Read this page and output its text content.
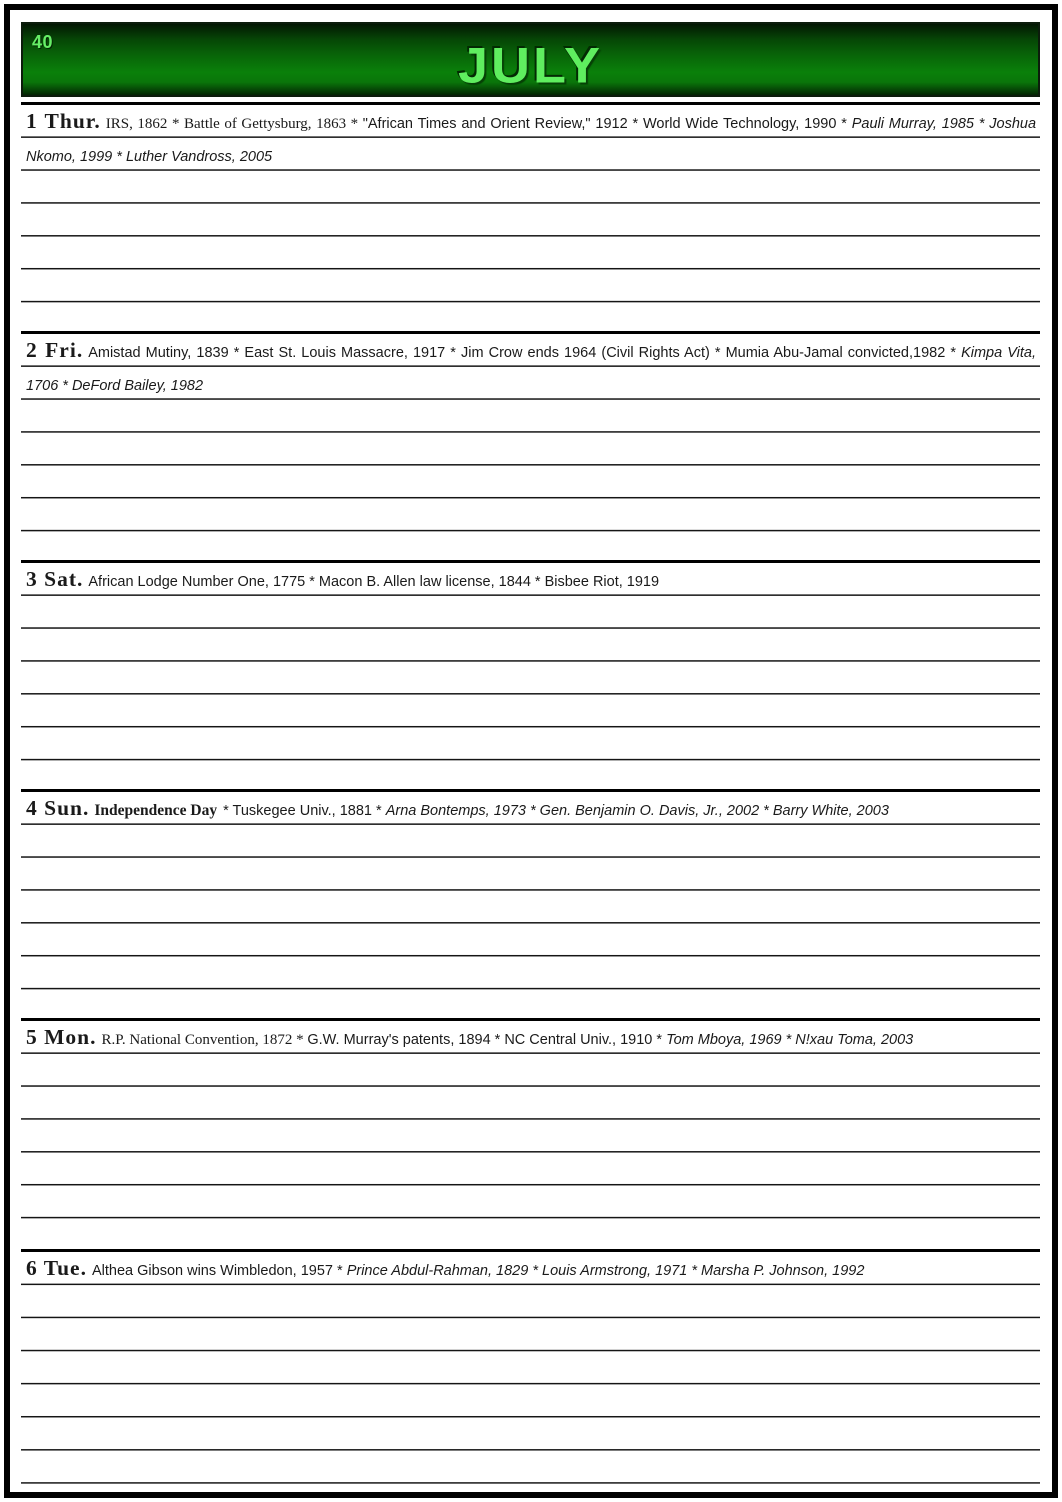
40	JULY

1 Thur. IRS, 1862 * Battle of Gettysburg, 1863 * "African Times and Orient Review," 1912 * World Wide Technology, 1990 * Pauli Murray, 1985 * Joshua Nkomo, 1999 * Luther Vandross, 2005

2 Fri. Amistad Mutiny, 1839 * East St. Louis Massacre, 1917 * Jim Crow ends 1964 (Civil Rights Act) * Mumia Abu-Jamal convicted,1982 * Kimpa Vita, 1706 * DeFord Bailey, 1982

3 Sat. African Lodge Number One, 1775 * Macon B. Allen law license, 1844 * Bisbee Riot, 1919

4 Sun. Independence Day * Tuskegee Univ., 1881 * Arna Bontemps, 1973 * Gen. Benjamin O. Davis, Jr., 2002 * Barry White, 2003

5 Mon. R.P. National Convention, 1872 * G.W. Murray's patents, 1894 * NC Central Univ., 1910 * Tom Mboya, 1969 * N!xau Toma, 2003

6 Tue. Althea Gibson wins Wimbledon, 1957 * Prince Abdul-Rahman, 1829 * Louis Armstrong, 1971 * Marsha P. Johnson, 1992
